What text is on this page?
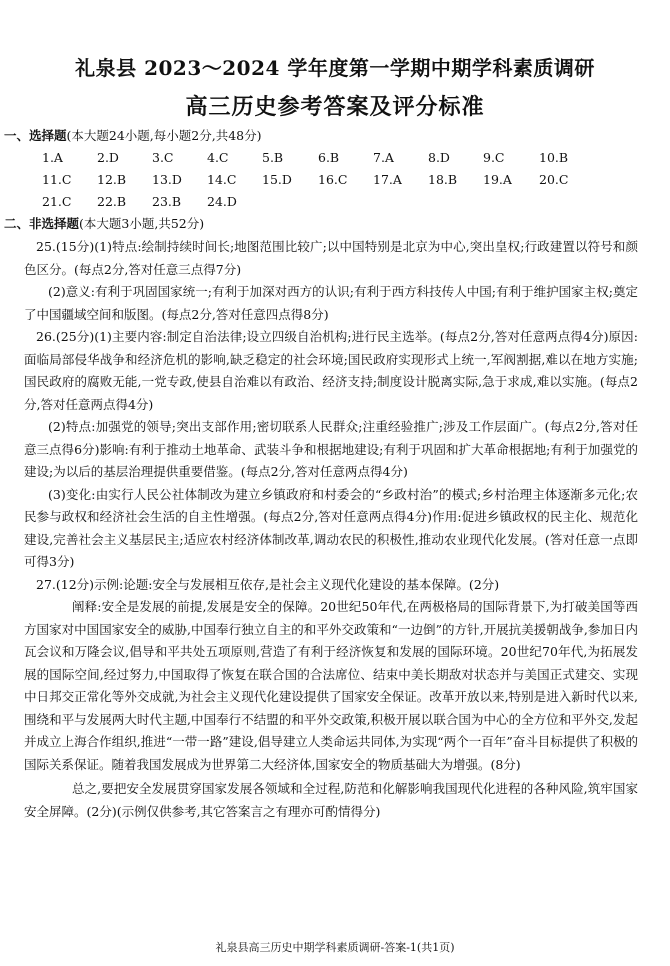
礼泉县 2023～2024 学年度第一学期中期学科素质调研
高三历史参考答案及评分标准
一、选择题(本大题24小题,每小题2分,共48分)
1.A	2.D	3.C	4.C	5.B	6.B	7.A	8.D	9.C	10.B
11.C 12.B 13.D 14.C 15.D 16.C 17.A 18.B 19.A 20.C
21.C 22.B 23.B 24.D
二、非选择题(本大题3小题,共52分)

25.(15分)(1)特点:绘制持续时间长;地图范围比较广;以中国特别是北京为中心,突出皇权;行政建置以符号和颜色区分。(每点2分,答对任意三点得7分)

(2)意义:有利于巩固国家统一;有利于加深对西方的认识;有利于西方科技传人中国;有利于维护国家主权;奠定了中国疆域空间和版图。(每点2分,答对任意四点得8分)

26.(25分)(1)主要内容:制定自治法律;设立四级自治机构;进行民主选举。(每点2分,答对任意两点得4分)原因:面临局部侵华战争和经济危机的影响,缺乏稳定的社会环境;国民政府实现形式上统一,军阀割据,难以在地方实施;国民政府的腐败无能,一党专政,使县自治难以有政治、经济支持;制度设计脱离实际,急于求成,难以实施。(每点2分,答对任意两点得4分)

(2)特点:加强党的领导;突出支部作用;密切联系人民群众;注重经验推广;涉及工作层面广。(每点2分,答对任意三点得6分)影响:有利于推动土地革命、武装斗争和根据地建设;有利于巩固和扩大革命根据地;有利于加强党的建设;为以后的基层治理提供重要借鉴。(每点2分,答对任意两点得4分)

(3)变化:由实行人民公社体制改为建立乡镇政府和村委会的“乡政村治”的模式;乡村治理主体逐渐多元化;农民参与政权和经济社会生活的自主性增强。(每点2分,答对任意两点得4分)作用:促进乡镇政权的民主化、规范化建设,完善社会主义基层民主;适应农村经济体制改革,调动农民的积极性,推动农业现代化发展。(答对任意一点即可得3分)

27.(12分)示例:论题:安全与发展相互依存,是社会主义现代化建设的基本保障。(2分)

阐释:安全是发展的前提,发展是安全的保障。20世纪50年代,在两极格局的国际背景下,为打破美国等西方国家对中国国家安全的威胁,中国奉行独立自主的和平外交政策和“一边倒”的方针,开展抗美援朝战争,参加日内瓦会议和万隆会议,倡导和平共处五项原则,营造了有利于经济恢复和发展的国际环境。20世纪70年代,为拓展发展的国际空间,经过努力,中国取得了恢复在联合国的合法席位、结束中美长期敌对状态并与美国正式建交、实现中日邦交正常化等外交成就,为社会主义现代化建设提供了国家安全保证。改革开放以来,特别是进入新时代以来,围绕和平与发展两大时代主题,中国奉行不结盟的和平外交政策,积极开展以联合国为中心的全方位和平外交,发起并成立上海合作组织,推进“一带一路”建设,倡导建立人类命运共同体,为实现“两个一百年”奋斗目标提供了积极的国际关系保证。随着我国发展成为世界第二大经济体,国家安全的物质基础大为增强。(8分)

总之,要把安全发展贯穿国家发展各领域和全过程,防范和化解影响我国现代化进程的各种风险,筑牢国家安全屏障。(2分)(示例仅供参考,其它答案言之有理亦可酌情得分)

礼泉县高三历史中期学科素质调研-答案-1(共1页)
